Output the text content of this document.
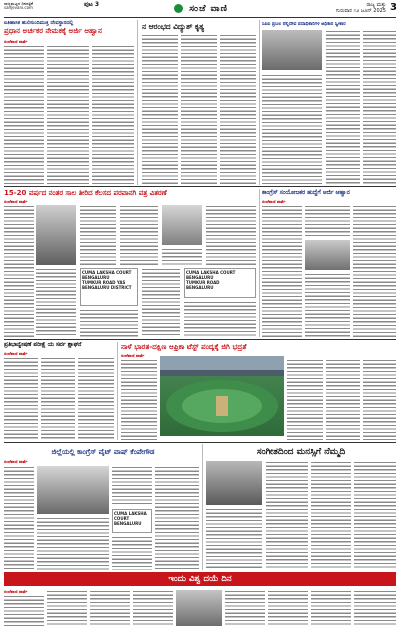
ರಾಜ್ಯಮಟ್ಟದ ದಿನಪತ್ರಿಕೆ
sanjevani.com	ಪುಟ 3	ಸಂಜೆ ವಾಣಿ	ರಾಜ್ಯ ಮತ್ತು
ಗುರುವಾರ ೧೨ ಜೂನ್ 2025 3
ಐತಿಹಾಸಿಕ ಹುಲಿಸುಂದಿಮುಕ್ತಿ ದೇವಸ್ಥಾನದಲ್ಲಿ
ಪ್ರಧಾನ ಅರ್ಚಕರ ನೇಮಕಕ್ಕೆ ಅರ್ಜಿ ಆಹ್ವಾನ
ಸಂಜೆವಾಣಿ ವಾರ್ತೆ
ನ ಆರಂಭದ ವಿದ್ಯುತ್ ಕೃತ್ಯ	ಸಿಪಿಐ ಪ್ರಬಲ ನೆಲ್ಲಿದೇವ ಪದಾಧಿಕಾರಿಗಳ ಅಧಿಕಾರ ಸ್ವೀಕಾರ
15-20 ವರ್ಷದ ನಂತರ ಸಾಲ ತೀರಿದ ಕೆಲಸದ ಪರವಾನಗಿ ಪತ್ರ ವಿತರಣೆ
ಸಂಜೆವಾಣಿ ವಾರ್ತೆ
CUMA LAKSHA COURT
BENGALURU
TUMKUR ROAD YAS
BENGALURU DISTRICT
CUMA LAKSHA COURT
BENGALURU
TUMKUR ROAD
BENGALURU
ಕಾಂಗ್ರೆಸ್ ಸಂಯೋಜಕರ ಹುದ್ದೆಗೆ ಅರ್ಜಿ ಆಹ್ವಾನ
ಸಂಜೆವಾಣಿ ವಾರ್ತೆ
ಪ್ರತಿಭಾನ್ವೇಷಣೆ ಪರೀಕ್ಷೆ ಯ ಸರ್ವ ಶ್ಲಾಘನೆ
ಸಂಜೆವಾಣಿ ವಾರ್ತೆ
ನಾಳೆ ಭಾರತ-ದಕ್ಷಿಣ ಆಫ್ರಿಕಾ ಟೆಸ್ಟ್ ಪಂದ್ಯಕ್ಕೆ ಜಿಗಿ ಭದ್ರತೆ
ಸಂಜೆವಾಣಿ ವಾರ್ತೆ
ಜಿಲ್ಲೆಯಲ್ಲಿ ಕಾಂಗ್ರೆಸ್ ವೈಟ್ ವಾಷ್ ಕೆಂಪೇಗೌಡ
ಸಂಜೆವಾಣಿ ವಾರ್ತೆ
CUMA LAKSHA COURT
BENGALURU
ಸಂಗೀತದಿಂದ ಮನಸ್ಸಿಗೆ ನೆಮ್ಮದಿ
ಇಂದು ವಿಶ್ವ ದಯೆ ದಿನ
ಸಂಜೆವಾಣಿ ವಾರ್ತೆ
